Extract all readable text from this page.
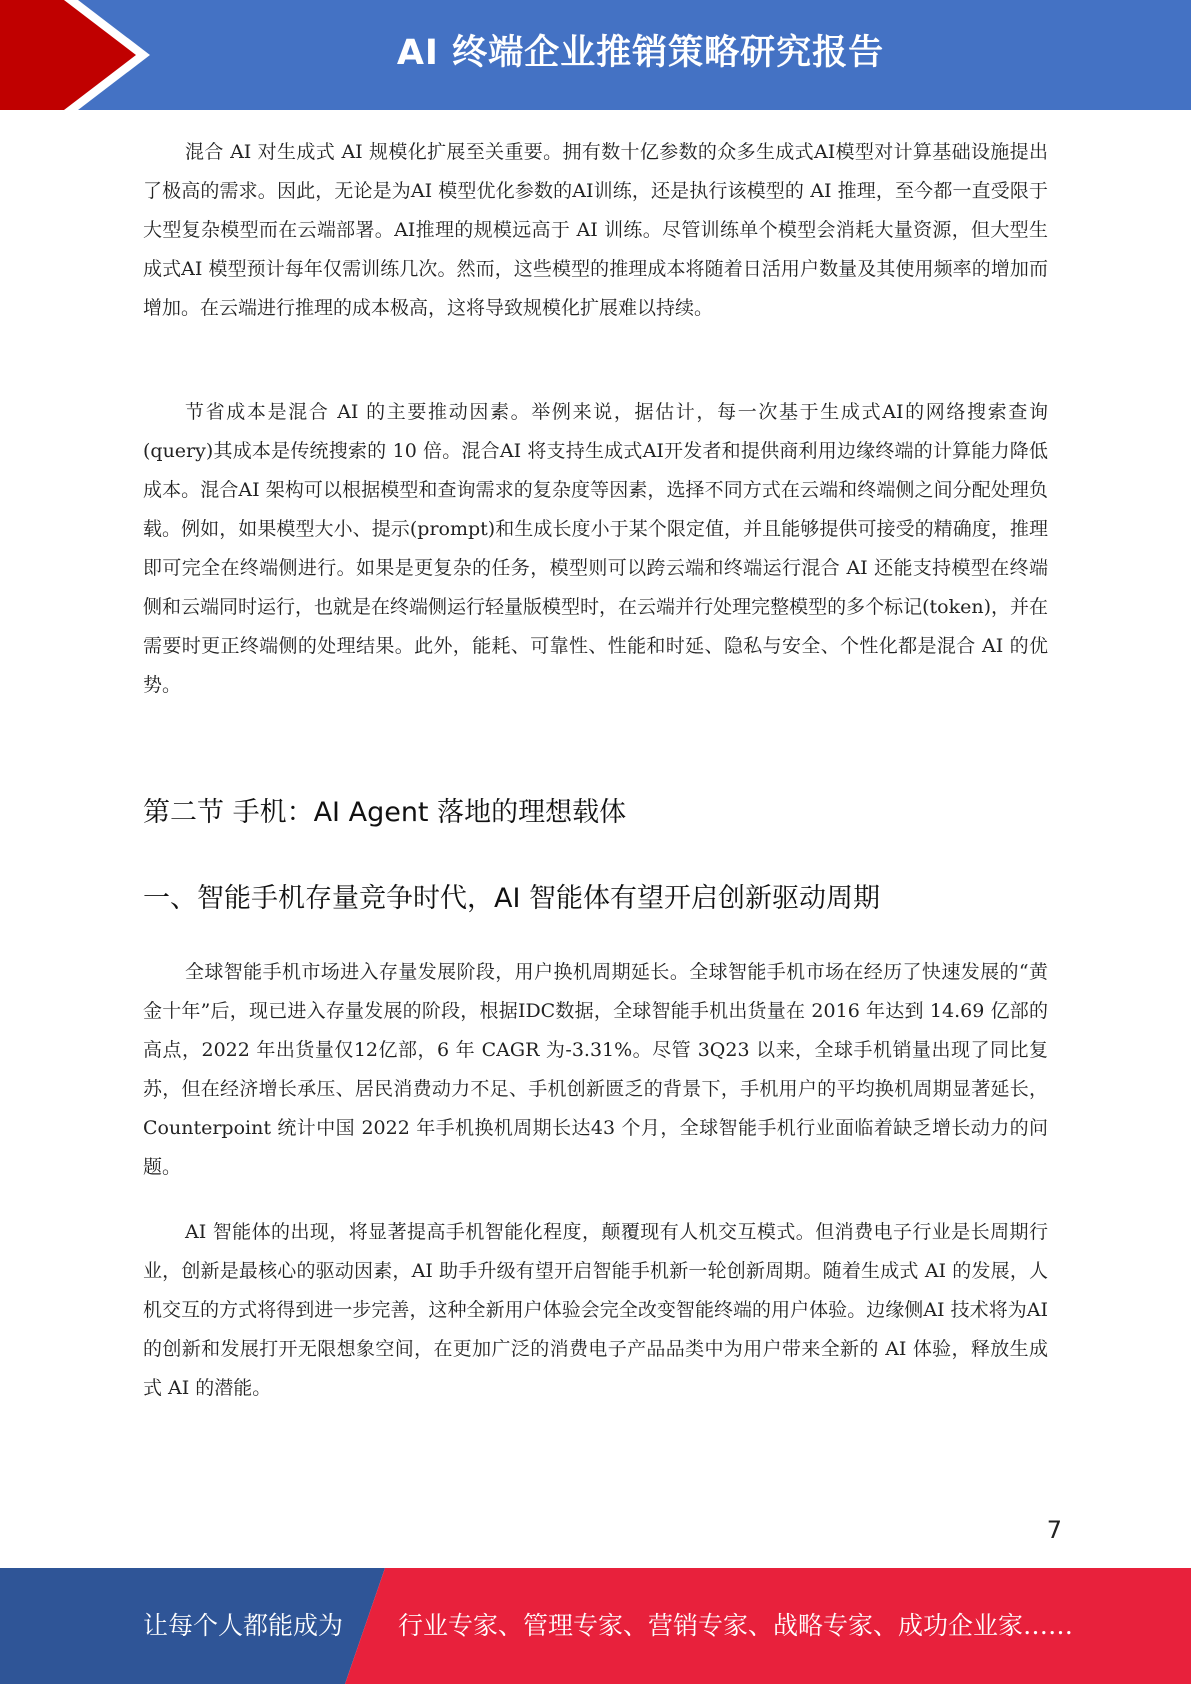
AI 终端企业推销策略研究报告

混合 AI 对生成式 AI 规模化扩展至关重要。拥有数十亿参数的众多生成式AI模型对计算基础设施提出了极高的需求。因此，无论是为AI 模型优化参数的AI训练，还是执行该模型的 AI 推理，至今都一直受限于大型复杂模型而在云端部署。AI推理的规模远高于 AI 训练。尽管训练单个模型会消耗大量资源，但大型生成式AI 模型预计每年仅需训练几次。然而，这些模型的推理成本将随着日活用户数量及其使用频率的增加而增加。在云端进行推理的成本极高，这将导致规模化扩展难以持续。

节省成本是混合 AI 的主要推动因素。举例来说，据估计，每一次基于生成式AI的网络搜索查询(query)其成本是传统搜索的 10 倍。混合AI 将支持生成式AI开发者和提供商利用边缘终端的计算能力降低成本。混合AI 架构可以根据模型和查询需求的复杂度等因素，选择不同方式在云端和终端侧之间分配处理负载。例如，如果模型大小、提示(prompt)和生成长度小于某个限定值，并且能够提供可接受的精确度，推理即可完全在终端侧进行。如果是更复杂的任务，模型则可以跨云端和终端运行混合 AI 还能支持模型在终端侧和云端同时运行，也就是在终端侧运行轻量版模型时，在云端并行处理完整模型的多个标记(token)，并在需要时更正终端侧的处理结果。此外，能耗、可靠性、性能和时延、隐私与安全、个性化都是混合 AI 的优势。

第二节 手机：AI Agent 落地的理想载体
一、智能手机存量竞争时代，AI 智能体有望开启创新驱动周期

全球智能手机市场进入存量发展阶段，用户换机周期延长。全球智能手机市场在经历了快速发展的“黄金十年”后，现已进入存量发展的阶段，根据IDC数据，全球智能手机出货量在 2016 年达到 14.69 亿部的高点，2022 年出货量仅12亿部，6 年 CAGR 为-3.31%。尽管 3Q23 以来，全球手机销量出现了同比复苏，但在经济增长承压、居民消费动力不足、手机创新匮乏的背景下，手机用户的平均换机周期显著延长，Counterpoint 统计中国 2022 年手机换机周期长达43 个月，全球智能手机行业面临着缺乏增长动力的问题。

AI 智能体的出现，将显著提高手机智能化程度，颠覆现有人机交互模式。但消费电子行业是长周期行业，创新是最核心的驱动因素，AI 助手升级有望开启智能手机新一轮创新周期。随着生成式 AI 的发展，人机交互的方式将得到进一步完善，这种全新用户体验会完全改变智能终端的用户体验。边缘侧AI 技术将为AI的创新和发展打开无限想象空间，在更加广泛的消费电子产品品类中为用户带来全新的 AI 体验，释放生成式 AI 的潜能。

7
让每个人都能成为 行业专家、管理专家、营销专家、战略专家、成功企业家……
